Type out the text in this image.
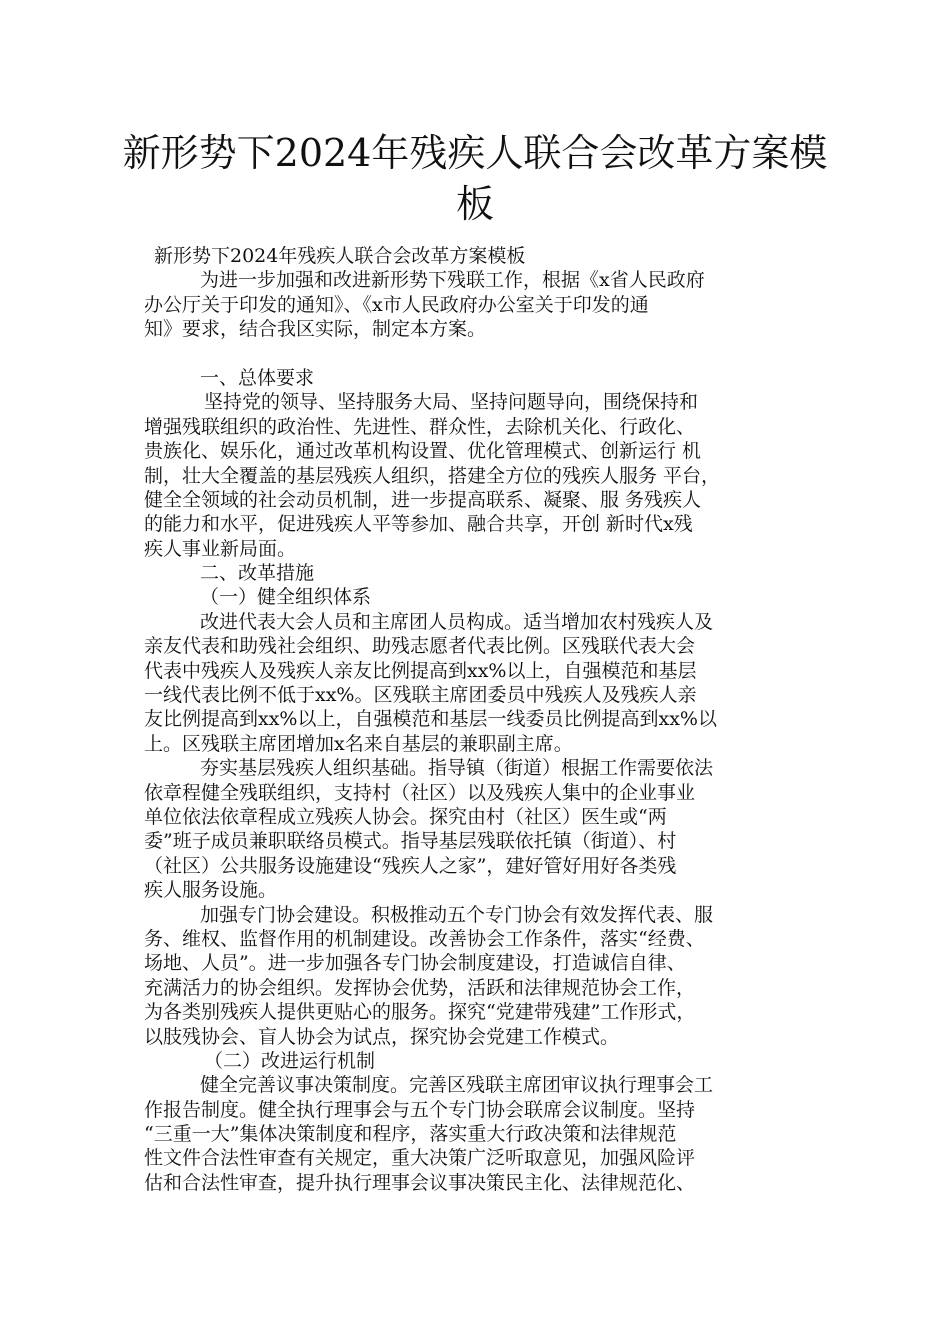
新形势下2024年残疾人联合会改革方案模
板
新形势下2024年残疾人联合会改革方案模板
为进一步加强和改进新形势下残联工作，根据《x省人民政府
办公厅关于印发的通知》、《x市人民政府办公室关于印发的通
知》要求，结合我区实际，制定本方案。
一、总体要求
坚持党的领导、坚持服务大局、坚持问题导向，围绕保持和
增强残联组织的政治性、先进性、群众性，去除机关化、行政化、
贵族化、娱乐化，通过改革机构设置、优化管理模式、创新运行 机
制，壮大全覆盖的基层残疾人组织，搭建全方位的残疾人服务 平台，
健全全领域的社会动员机制，进一步提高联系、凝聚、服 务残疾人
的能力和水平，促进残疾人平等参加、融合共享，开创 新时代x残
疾人事业新局面。
二、改革措施
（一）健全组织体系
改进代表大会人员和主席团人员构成。适当增加农村残疾人及
亲友代表和助残社会组织、助残志愿者代表比例。区残联代表大会
代表中残疾人及残疾人亲友比例提高到xx%以上，自强模范和基层
一线代表比例不低于xx%。区残联主席团委员中残疾人及残疾人亲
友比例提高到xx%以上，自强模范和基层一线委员比例提高到xx%以
上。区残联主席团增加x名来自基层的兼职副主席。
夯实基层残疾人组织基础。指导镇（街道）根据工作需要依法
依章程健全残联组织，支持村（社区）以及残疾人集中的企业事业
单位依法依章程成立残疾人协会。探究由村（社区）医生或“两
委”班子成员兼职联络员模式。指导基层残联依托镇（街道）、村
（社区）公共服务设施建设“残疾人之家”，建好管好用好各类残
疾人服务设施。
加强专门协会建设。积极推动五个专门协会有效发挥代表、服
务、维权、监督作用的机制建设。改善协会工作条件，落实“经费、
场地、人员”。进一步加强各专门协会制度建设，打造诚信自律、
充满活力的协会组织。发挥协会优势，活跃和法律规范协会工作，
为各类别残疾人提供更贴心的服务。探究“党建带残建”工作形式，
以肢残协会、盲人协会为试点，探究协会党建工作模式。
（二）改进运行机制
健全完善议事决策制度。完善区残联主席团审议执行理事会工
作报告制度。健全执行理事会与五个专门协会联席会议制度。坚持
“三重一大”集体决策制度和程序，落实重大行政决策和法律规范
性文件合法性审查有关规定，重大决策广泛听取意见，加强风险评
估和合法性审查，提升执行理事会议事决策民主化、法律规范化、
